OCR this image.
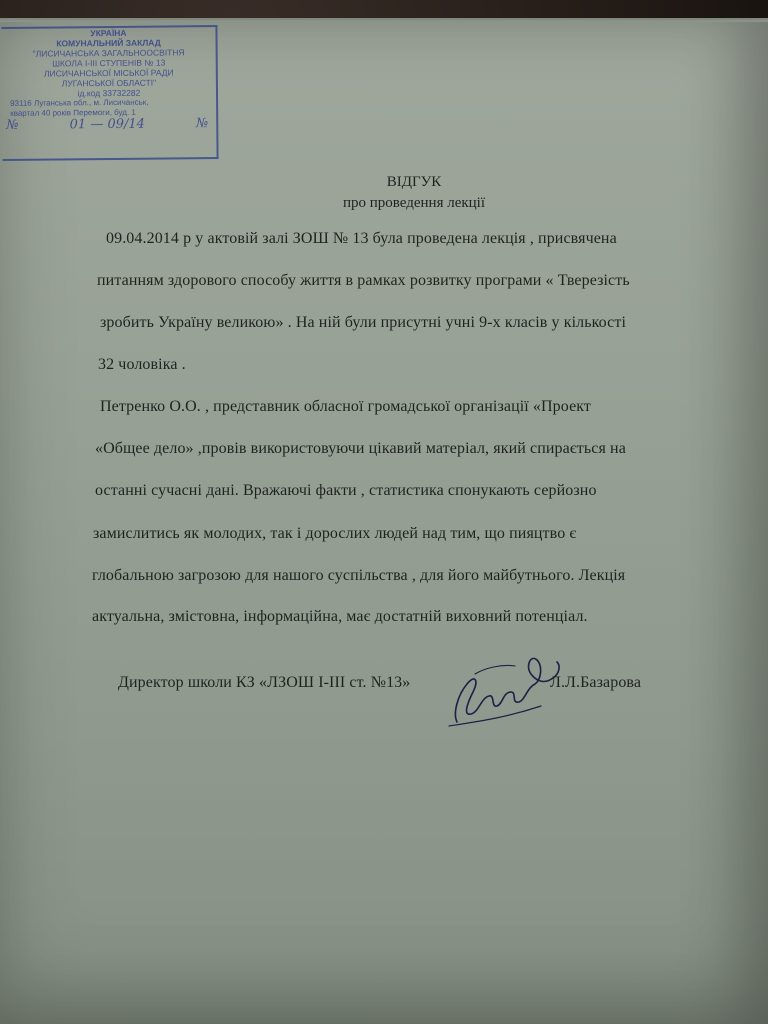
УКРАЇНА
КОМУНАЛЬНИЙ ЗАКЛАД
"ЛИСИЧАНСЬКА ЗАГАЛЬНООСВІТНЯ
ШКОЛА І-ІІІ СТУПЕНІВ № 13
ЛИСИЧАНСЬКОЇ МІСЬКОЇ РАДИ
ЛУГАНСЬКОЇ ОБЛАСТІ"
ід.код 33732282
93116 Луганська обл., м. Лисичанськ,
квартал 40 років Перемоги, буд. 1
№	01 — 09/14	№
ВІДГУК
про проведення лекції
09.04.2014 р у актовій залі ЗОШ № 13 була проведена лекція , присвячена
питанням здорового способу життя в рамках розвитку програми « Тверезість
зробить Україну великою» . На ній були присутні учні 9-х класів у кількості
32 чоловіка .
Петренко О.О. , представник обласної громадської організації «Проект
«Общее дело» ,провів використовуючи цікавий матеріал, який спирається на
останні сучасні дані. Вражаючі факти , статистика спонукають серйозно
замислитись як молодих, так і дорослих людей над тим, що пияцтво є
глобальною загрозою для нашого суспільства , для його майбутнього. Лекція
актуальна, змістовна, інформаційна, має достатній виховний потенціал.
Директор школи КЗ «ЛЗОШ І-ІІІ ст. №13»	Л.Л.Базарова
